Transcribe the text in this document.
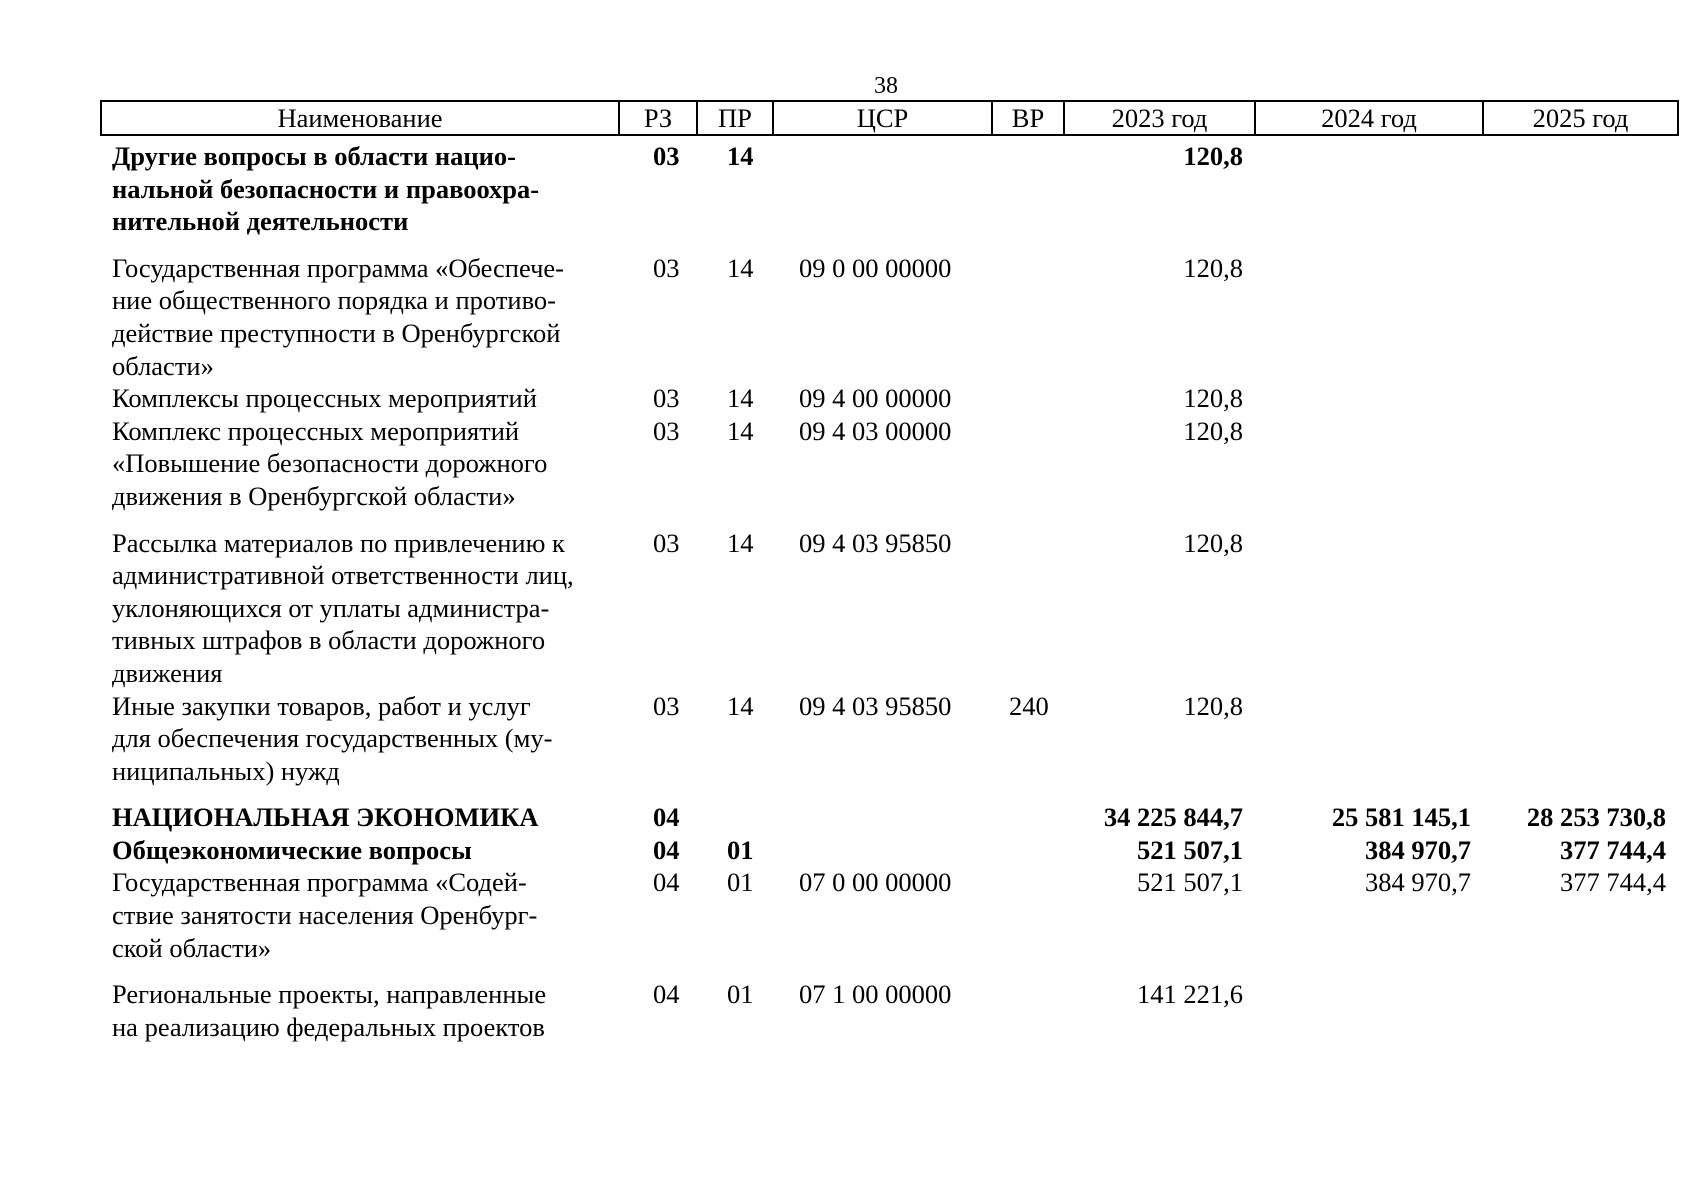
38
Наименование	РЗ	ПР	ЦСР	ВР	2023 год	2024 год	2025 год
Другие вопросы в области нацио-
нальной безопасности и правоохра-
нительной деятельности	03	14			120,8		
Государственная программа «Обеспече-
ние общественного порядка и противо-
действие преступности в Оренбургской
области»	03	14	09 0 00 00000		120,8		
Комплексы процессных мероприятий	03	14	09 4 00 00000		120,8		
Комплекс процессных мероприятий
«Повышение безопасности дорожного
движения в Оренбургской области»	03	14	09 4 03 00000		120,8		
Рассылка материалов по привлечению к
административной ответственности лиц,
уклоняющихся от уплаты администра-
тивных штрафов в области дорожного
движения	03	14	09 4 03 95850		120,8		
Иные закупки товаров, работ и услуг
для обеспечения государственных (му-
ниципальных) нужд	03	14	09 4 03 95850	240	120,8		
НАЦИОНАЛЬНАЯ ЭКОНОМИКА	04				34 225 844,7	25 581 145,1	28 253 730,8
Общеэкономические вопросы	04	01			521 507,1	384 970,7	377 744,4
Государственная программа «Содей-
ствие занятости населения Оренбург-
ской области»	04	01	07 0 00 00000		521 507,1	384 970,7	377 744,4
Региональные проекты, направленные
на реализацию федеральных проектов	04	01	07 1 00 00000		141 221,6		
